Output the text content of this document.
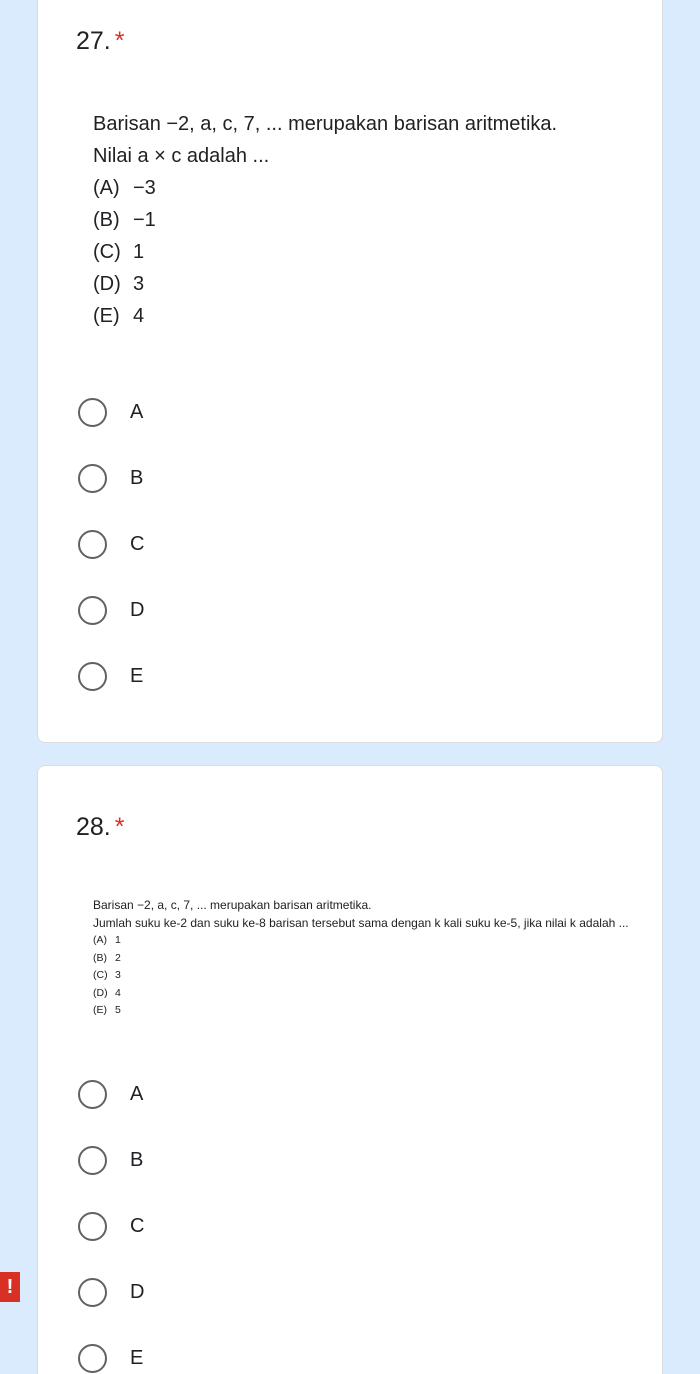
27. *
Barisan −2, a, c, 7, ... merupakan barisan aritmetika.
Nilai a × c adalah ...
(A) −3
(B) −1
(C) 1
(D) 3
(E) 4
A
B
C
D
E
28. *
Barisan −2, a, c, 7, ... merupakan barisan aritmetika.
Jumlah suku ke-2 dan suku ke-8 barisan tersebut sama dengan k kali suku ke-5, jika nilai k adalah ...
(A) 1
(B) 2
(C) 3
(D) 4
(E) 5
A
B
C
D
E
!
